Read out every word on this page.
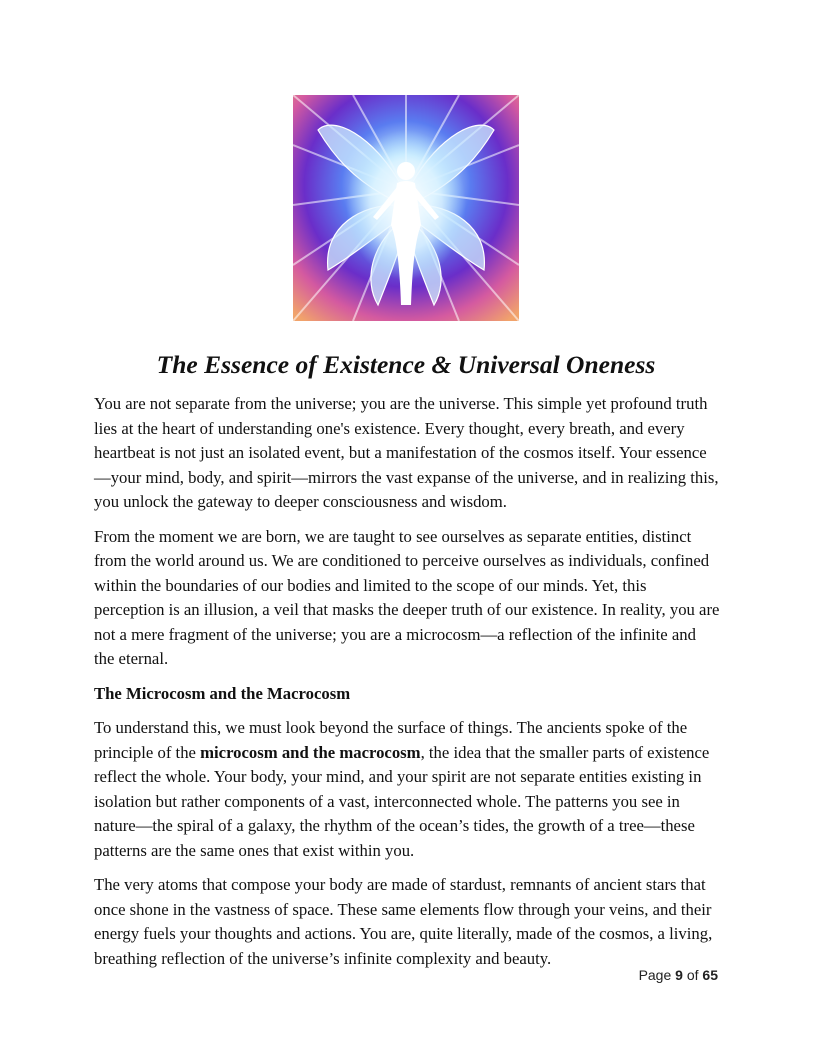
The Essence of Existence & Universal Oneness

You are not separate from the universe; you are the universe. This simple yet profound truth lies at the heart of understanding one's existence. Every thought, every breath, and every heartbeat is not just an isolated event, but a manifestation of the cosmos itself. Your essence—your mind, body, and spirit—mirrors the vast expanse of the universe, and in realizing this, you unlock the gateway to deeper consciousness and wisdom.

From the moment we are born, we are taught to see ourselves as separate entities, distinct from the world around us. We are conditioned to perceive ourselves as individuals, confined within the boundaries of our bodies and limited to the scope of our minds. Yet, this perception is an illusion, a veil that masks the deeper truth of our existence. In reality, you are not a mere fragment of the universe; you are a microcosm—a reflection of the infinite and the eternal.

The Microcosm and the Macrocosm

To understand this, we must look beyond the surface of things. The ancients spoke of the principle of the microcosm and the macrocosm, the idea that the smaller parts of existence reflect the whole. Your body, your mind, and your spirit are not separate entities existing in isolation but rather components of a vast, interconnected whole. The patterns you see in nature—the spiral of a galaxy, the rhythm of the ocean’s tides, the growth of a tree—these patterns are the same ones that exist within you.

The very atoms that compose your body are made of stardust, remnants of ancient stars that once shone in the vastness of space. These same elements flow through your veins, and their energy fuels your thoughts and actions. You are, quite literally, made of the cosmos, a living, breathing reflection of the universe’s infinite complexity and beauty.

Page 9 of 65
